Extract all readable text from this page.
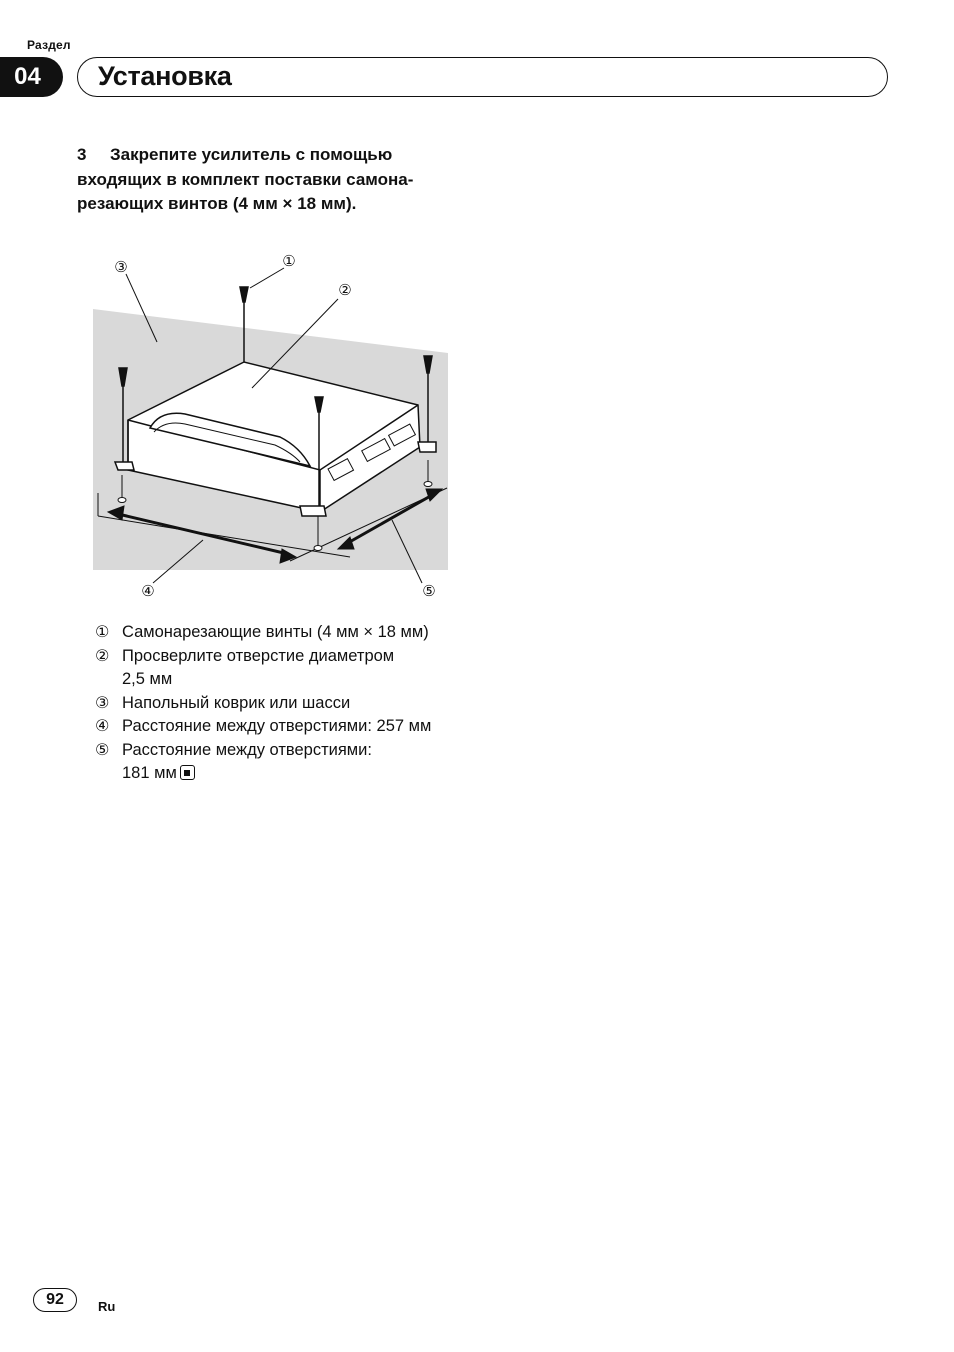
Раздел
04	Установка
3 Закрепите усилитель с помощью
входящих в комплект поставки самона-
резающих винтов (4 мм × 18 мм).
①
②
③
④	⑤
① Самонарезающие винты (4 мм × 18 мм)
② Просверлите отверстие диаметром
2,5 мм
③ Напольный коврик или шасси
④ Расстояние между отверстиями: 257 мм
⑤ Расстояние между отверстиями:
181 мм
92	Ru
